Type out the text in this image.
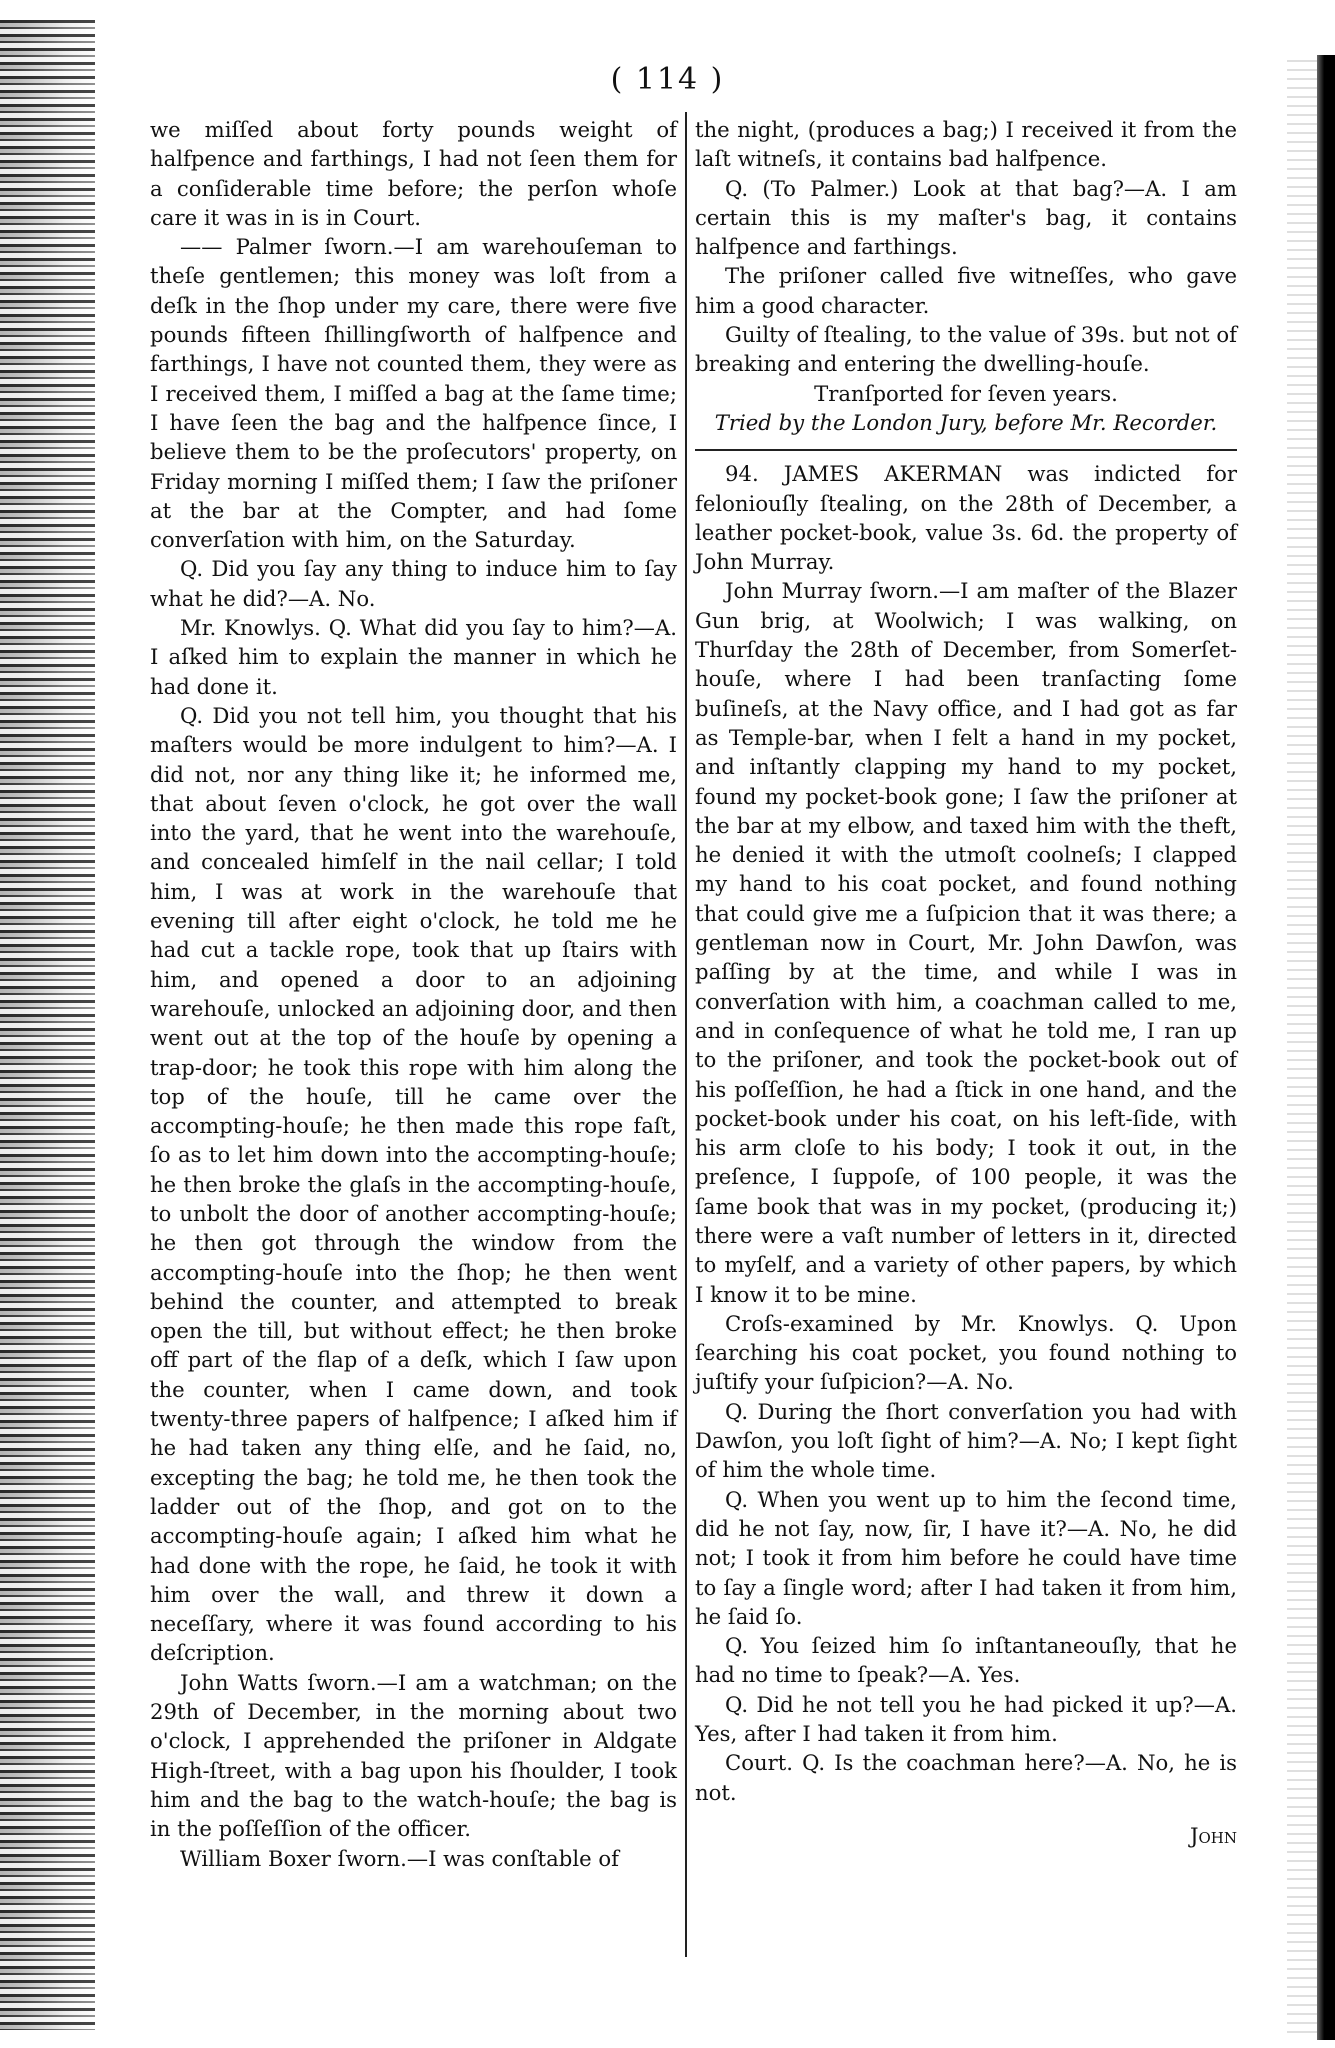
( 114 )

we miſſed about forty pounds weight of halfpence and farthings, I had not ſeen them for a conſiderable time before; the perſon whoſe care it was in is in Court.

—— Palmer ſworn.—I am warehouſeman to theſe gentlemen; this money was loſt from a deſk in the ſhop under my care, there were five pounds fifteen ſhillingſworth of halfpence and farthings, I have not counted them, they were as I received them, I miſſed a bag at the ſame time; I have ſeen the bag and the halfpence ſince, I believe them to be the proſecutors' property, on Friday morning I miſſed them; I ſaw the priſoner at the bar at the Compter, and had ſome converſation with him, on the Saturday.

Q. Did you ſay any thing to induce him to ſay what he did?—A. No.

Mr. Knowlys. Q. What did you ſay to him?—A. I aſked him to explain the manner in which he had done it.

Q. Did you not tell him, you thought that his maſters would be more indulgent to him?—A. I did not, nor any thing like it; he informed me, that about ſeven o'clock, he got over the wall into the yard, that he went into the warehouſe, and concealed himſelf in the nail cellar; I told him, I was at work in the warehouſe that evening till after eight o'clock, he told me he had cut a tackle rope, took that up ſtairs with him, and opened a door to an adjoining warehouſe, unlocked an adjoining door, and then went out at the top of the houſe by opening a trap-door; he took this rope with him along the top of the houſe, till he came over the accompting-houſe; he then made this rope faſt, ſo as to let him down into the accompting-houſe; he then broke the glaſs in the accompting-houſe, to unbolt the door of another accompting-houſe; he then got through the window from the accompting-houſe into the ſhop; he then went behind the counter, and attempted to break open the till, but without effect; he then broke off part of the flap of a deſk, which I ſaw upon the counter, when I came down, and took twenty-three papers of halfpence; I aſked him if he had taken any thing elſe, and he ſaid, no, excepting the bag; he told me, he then took the ladder out of the ſhop, and got on to the accompting-houſe again; I aſked him what he had done with the rope, he ſaid, he took it with him over the wall, and threw it down a neceſſary, where it was found according to his deſcription.

John Watts ſworn.—I am a watchman; on the 29th of December, in the morning about two o'clock, I apprehended the priſoner in Aldgate High-ſtreet, with a bag upon his ſhoulder, I took him and the bag to the watch-houſe; the bag is in the poſſeſſion of the officer.

William Boxer ſworn.—I was conſtable of

the night, (produces a bag;) I received it from the laſt witneſs, it contains bad halfpence.

Q. (To Palmer.) Look at that bag?—A. I am certain this is my maſter's bag, it contains halfpence and farthings.

The priſoner called five witneſſes, who gave him a good character.

Guilty of ſtealing, to the value of 39s. but not of breaking and entering the dwelling-houſe.

Tranſported for ſeven years.

Tried by the London Jury, before Mr. Recorder.

94. JAMES AKERMAN was indicted for feloniouſly ſtealing, on the 28th of December, a leather pocket-book, value 3s. 6d. the property of John Murray.

John Murray ſworn.—I am maſter of the Blazer Gun brig, at Woolwich; I was walking, on Thurſday the 28th of December, from Somerſet-houſe, where I had been tranſacting ſome buſineſs, at the Navy office, and I had got as far as Temple-bar, when I felt a hand in my pocket, and inſtantly clapping my hand to my pocket, found my pocket-book gone; I ſaw the priſoner at the bar at my elbow, and taxed him with the theft, he denied it with the utmoſt coolneſs; I clapped my hand to his coat pocket, and found nothing that could give me a ſuſpicion that it was there; a gentleman now in Court, Mr. John Dawſon, was paſſing by at the time, and while I was in converſation with him, a coachman called to me, and in conſequence of what he told me, I ran up to the priſoner, and took the pocket-book out of his poſſeſſion, he had a ſtick in one hand, and the pocket-book under his coat, on his left-ſide, with his arm cloſe to his body; I took it out, in the preſence, I ſuppoſe, of 100 people, it was the ſame book that was in my pocket, (producing it;) there were a vaſt number of letters in it, directed to myſelf, and a variety of other papers, by which I know it to be mine.

Croſs-examined by Mr. Knowlys. Q. Upon ſearching his coat pocket, you found nothing to juſtify your ſuſpicion?—A. No.

Q. During the ſhort converſation you had with Dawſon, you loſt ſight of him?—A. No; I kept ſight of him the whole time.

Q. When you went up to him the ſecond time, did he not ſay, now, ſir, I have it?—A. No, he did not; I took it from him before he could have time to ſay a ſingle word; after I had taken it from him, he ſaid ſo.

Q. You ſeized him ſo inſtantaneouſly, that he had no time to ſpeak?—A. Yes.

Q. Did he not tell you he had picked it up?—A. Yes, after I had taken it from him.

Court. Q. Is the coachman here?—A. No, he is not.

John
